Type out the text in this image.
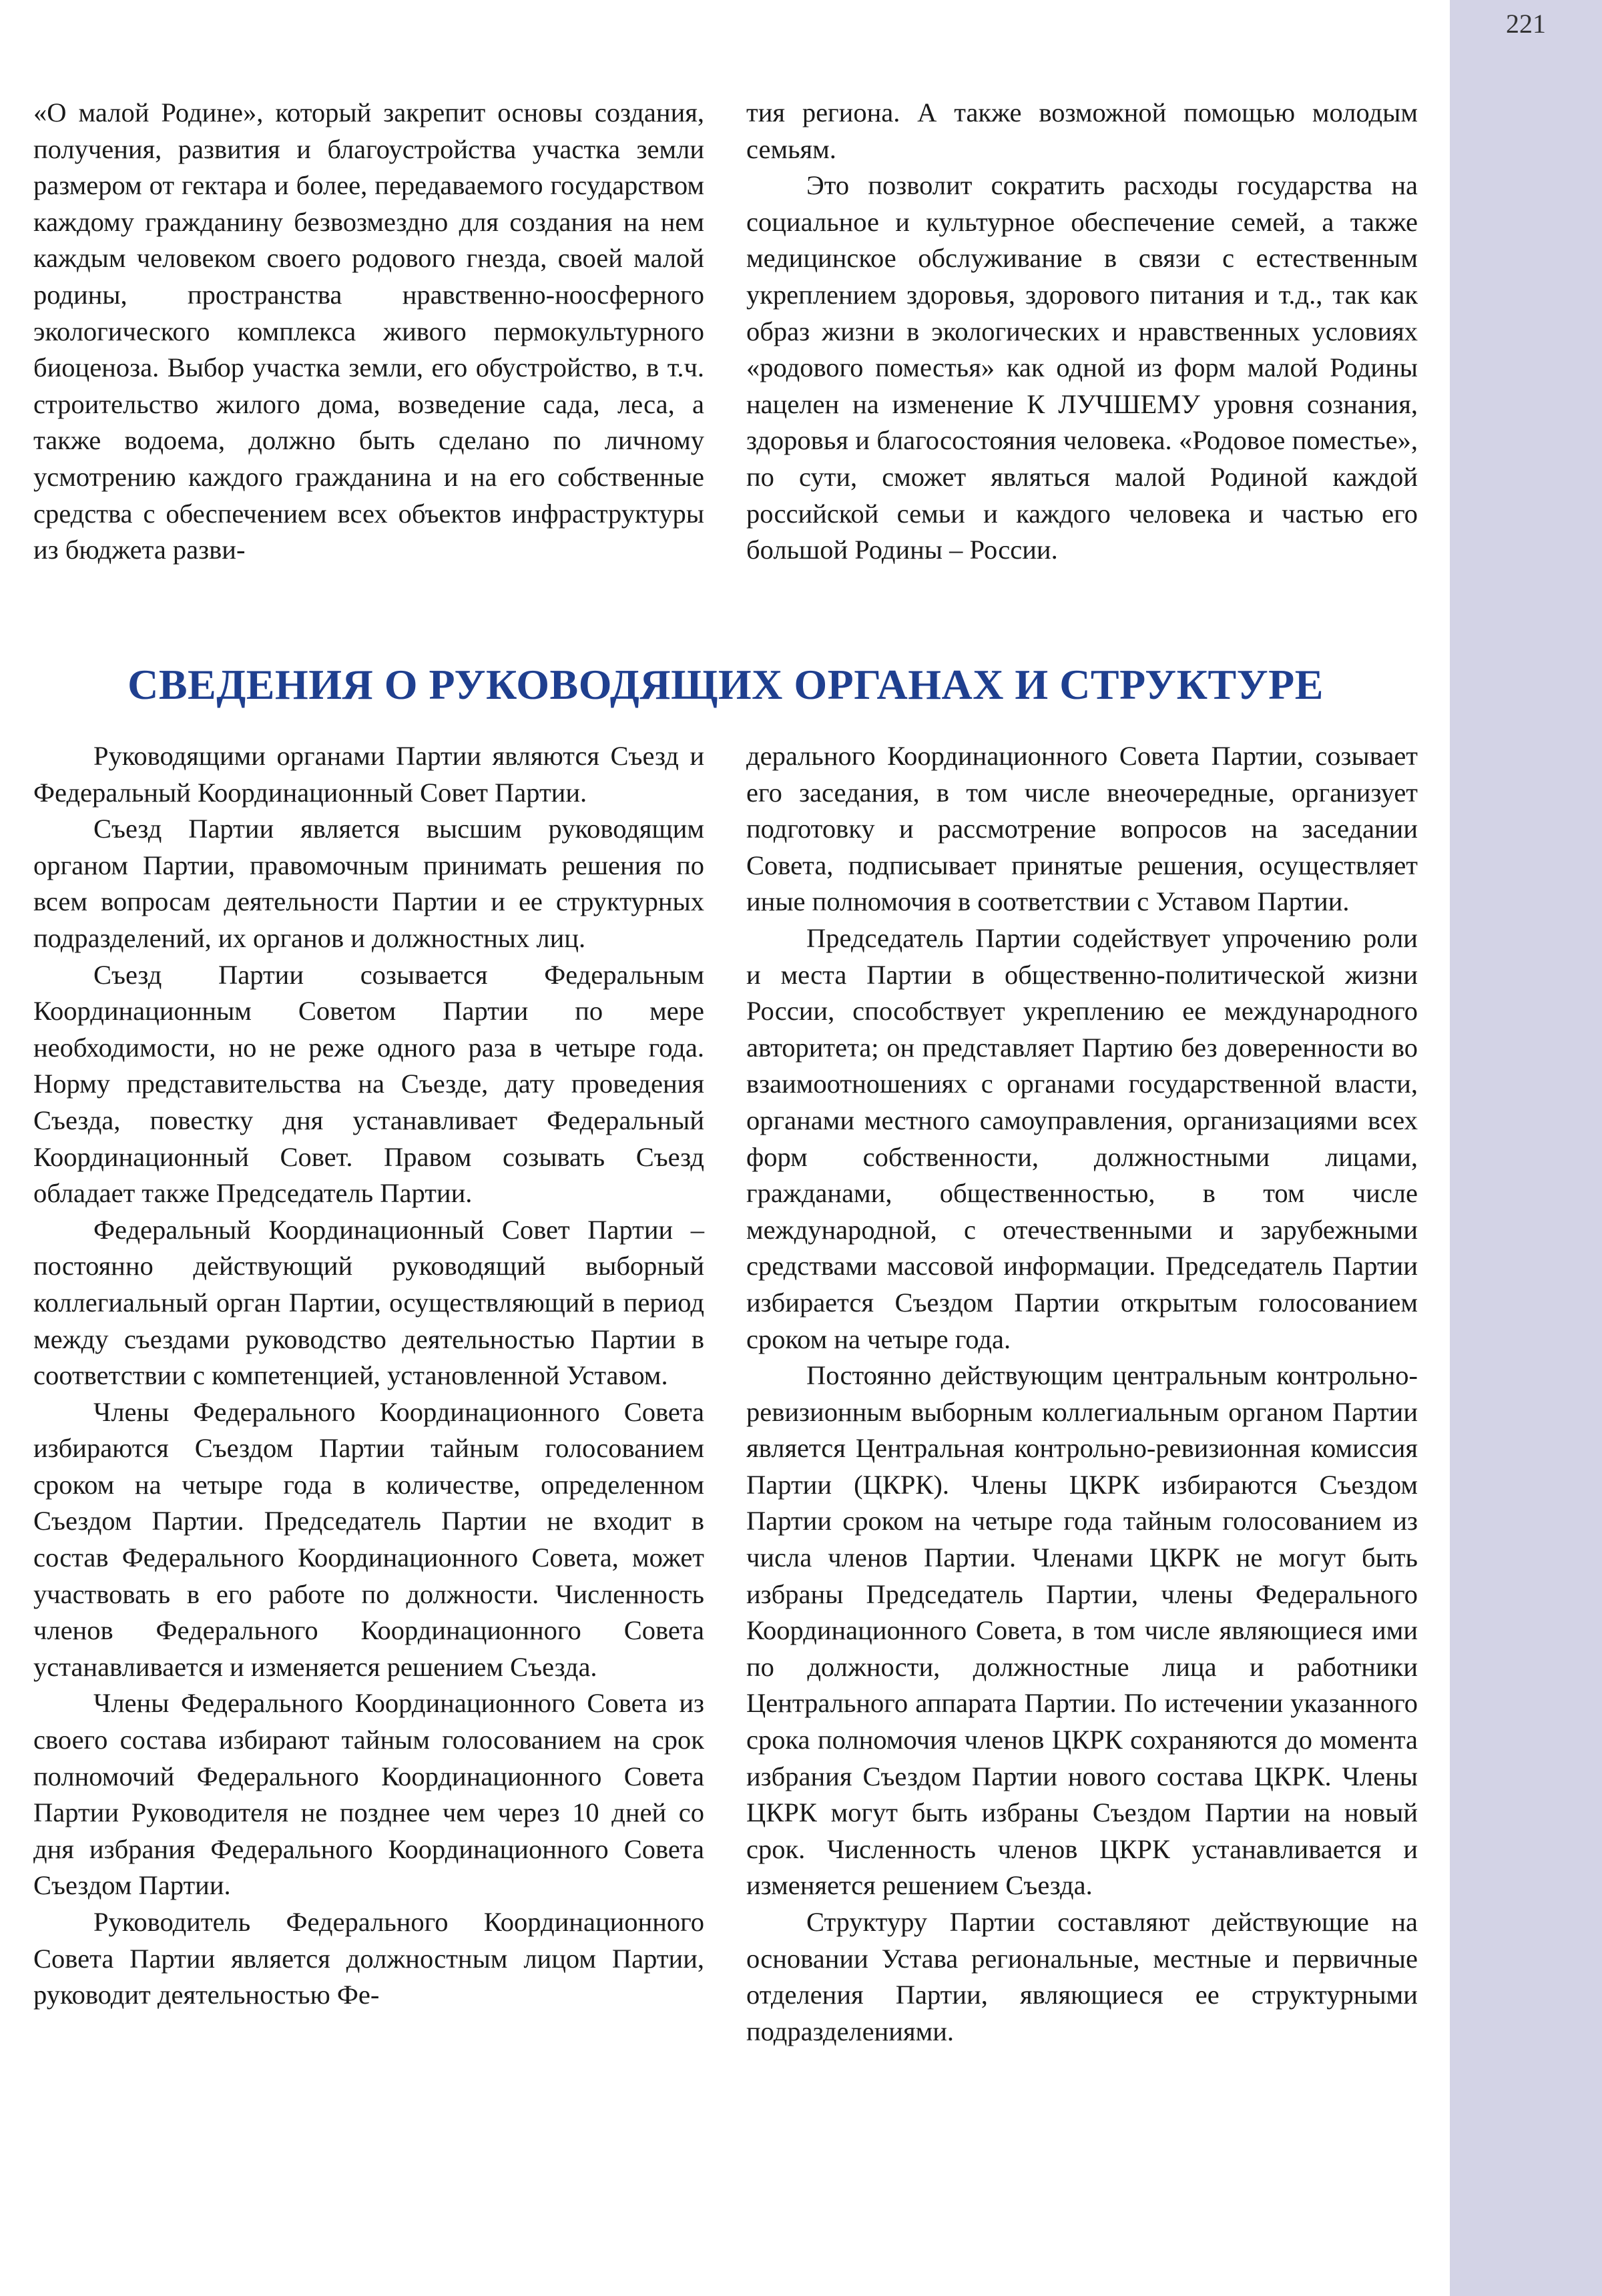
221

«О малой Родине», который закрепит основы создания, получения, развития и благоустройства участка земли размером от гектара и более, передаваемого государством каждому гражданину безвозмездно для создания на нем каждым человеком своего родового гнезда, своей малой родины, пространства нравственно-ноосферного экологического комплекса живого пермокультурного биоценоза. Выбор участка земли, его обустройство, в т.ч. строительство жилого дома, возведение сада, леса, а также водоема, должно быть сделано по личному усмотрению каждого гражданина и на его собственные средства с обеспечением всех объектов инфраструктуры из бюджета разви-

тия региона. А также возможной помощью молодым семьям.

Это позволит сократить расходы государства на социальное и культурное обеспечение семей, а также медицинское обслуживание в связи с естественным укреплением здоровья, здорового питания и т.д., так как образ жизни в экологических и нравственных условиях «родового поместья» как одной из форм малой Родины нацелен на изменение К ЛУЧШЕМУ уровня сознания, здоровья и благосостояния человека. «Родовое поместье», по сути, сможет являться малой Родиной каждой российской семьи и каждого человека и частью его большой Родины – России.

СВЕДЕНИЯ О РУКОВОДЯЩИХ ОРГАНАХ И СТРУКТУРЕ

Руководящими органами Партии являются Съезд и Федеральный Координационный Совет Партии.

Съезд Партии является высшим руководящим органом Партии, правомочным принимать решения по всем вопросам деятельности Партии и ее структурных подразделений, их органов и должностных лиц.

Съезд Партии созывается Федеральным Координационным Советом Партии по мере необходимости, но не реже одного раза в четыре года. Норму представительства на Съезде, дату проведения Съезда, повестку дня устанавливает Федеральный Координационный Совет. Правом созывать Съезд обладает также Председатель Партии.

Федеральный Координационный Совет Партии – постоянно действующий руководящий выборный коллегиальный орган Партии, осуществляющий в период между съездами руководство деятельностью Партии в соответствии с компетенцией, установленной Уставом.

Члены Федерального Координационного Совета избираются Съездом Партии тайным голосованием сроком на четыре года в количестве, определенном Съездом Партии. Председатель Партии не входит в состав Федерального Координационного Совета, может участвовать в его работе по должности. Численность членов Федерального Координационного Совета устанавливается и изменяется решением Съезда.

Члены Федерального Координационного Совета из своего состава избирают тайным голосованием на срок полномочий Федерального Координационного Совета Партии Руководителя не позднее чем через 10 дней со дня избрания Федерального Координационного Совета Съездом Партии.

Руководитель Федерального Координационного Совета Партии является должностным лицом Партии, руководит деятельностью Фе-

дерального Координационного Совета Партии, созывает его заседания, в том числе внеочередные, организует подготовку и рассмотрение вопросов на заседании Совета, подписывает принятые решения, осуществляет иные полномочия в соответствии с Уставом Партии.

Председатель Партии содействует упрочению роли и места Партии в общественно-политической жизни России, способствует укреплению ее международного авторитета; он представляет Партию без доверенности во взаимоотношениях с органами государственной власти, органами местного самоуправления, организациями всех форм собственности, должностными лицами, гражданами, общественностью, в том числе международной, с отечественными и зарубежными средствами массовой информации. Председатель Партии избирается Съездом Партии открытым голосованием сроком на четыре года.

Постоянно действующим центральным контрольно-ревизионным выборным коллегиальным органом Партии является Центральная контрольно-ревизионная комиссия Партии (ЦКРК). Члены ЦКРК избираются Съездом Партии сроком на четыре года тайным голосованием из числа членов Партии. Членами ЦКРК не могут быть избраны Председатель Партии, члены Федерального Координационного Совета, в том числе являющиеся ими по должности, должностные лица и работники Центрального аппарата Партии. По истечении указанного срока полномочия членов ЦКРК сохраняются до момента избрания Съездом Партии нового состава ЦКРК. Члены ЦКРК могут быть избраны Съездом Партии на новый срок. Численность членов ЦКРК устанавливается и изменяется решением Съезда.

Структуру Партии составляют действующие на основании Устава региональные, местные и первичные отделения Партии, являющиеся ее структурными подразделениями.
